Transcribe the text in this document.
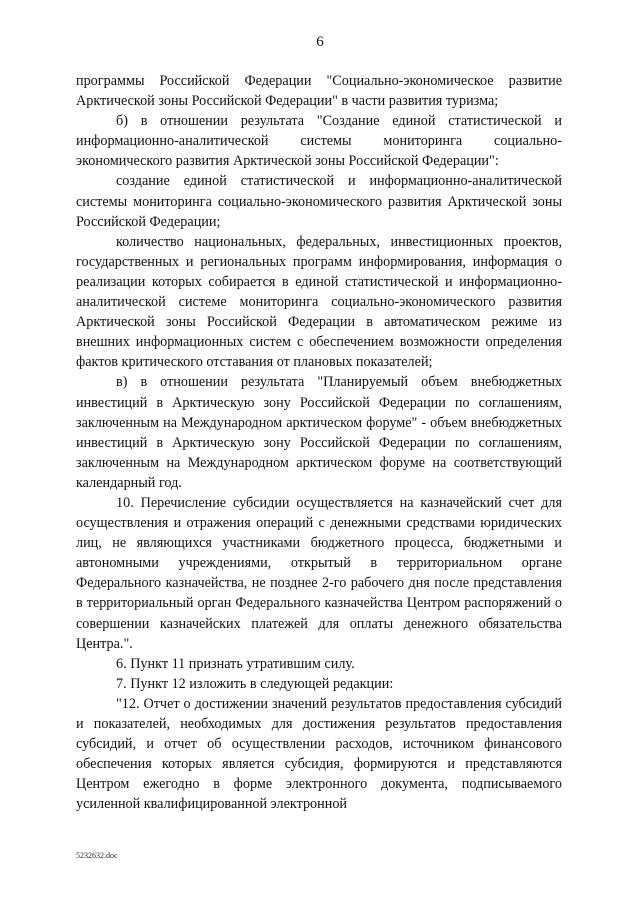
6

программы Российской Федерации "Социально-экономическое развитие Арктической зоны Российской Федерации" в части развития туризма;

б) в отношении результата "Создание единой статистической и информационно-аналитической системы мониторинга социально-экономического развития Арктической зоны Российской Федерации":

создание единой статистической и информационно-аналитической системы мониторинга социально-экономического развития Арктической зоны Российской Федерации;

количество национальных, федеральных, инвестиционных проектов, государственных и региональных программ информирования, информация о реализации которых собирается в единой статистической и информационно-аналитической системе мониторинга социально-экономического развития Арктической зоны Российской Федерации в автоматическом режиме из внешних информационных систем с обеспечением возможности определения фактов критического отставания от плановых показателей;

в) в отношении результата "Планируемый объем внебюджетных инвестиций в Арктическую зону Российской Федерации по соглашениям, заключенным на Международном арктическом форуме" - объем внебюджетных инвестиций в Арктическую зону Российской Федерации по соглашениям, заключенным на Международном арктическом форуме на соответствующий календарный год.

10. Перечисление субсидии осуществляется на казначейский счет для осуществления и отражения операций с денежными средствами юридических лиц, не являющихся участниками бюджетного процесса, бюджетными и автономными учреждениями, открытый в территориальном органе Федерального казначейства, не позднее 2-го рабочего дня после представления в территориальный орган Федерального казначейства Центром распоряжений о совершении казначейских платежей для оплаты денежного обязательства Центра.".

6. Пункт 11 признать утратившим силу.

7. Пункт 12 изложить в следующей редакции:

"12. Отчет о достижении значений результатов предоставления субсидий и показателей, необходимых для достижения результатов предоставления субсидий, и отчет об осуществлении расходов, источником финансового обеспечения которых является субсидия, формируются и представляются Центром ежегодно в форме электронного документа, подписываемого усиленной квалифицированной электронной

5232632.doc
